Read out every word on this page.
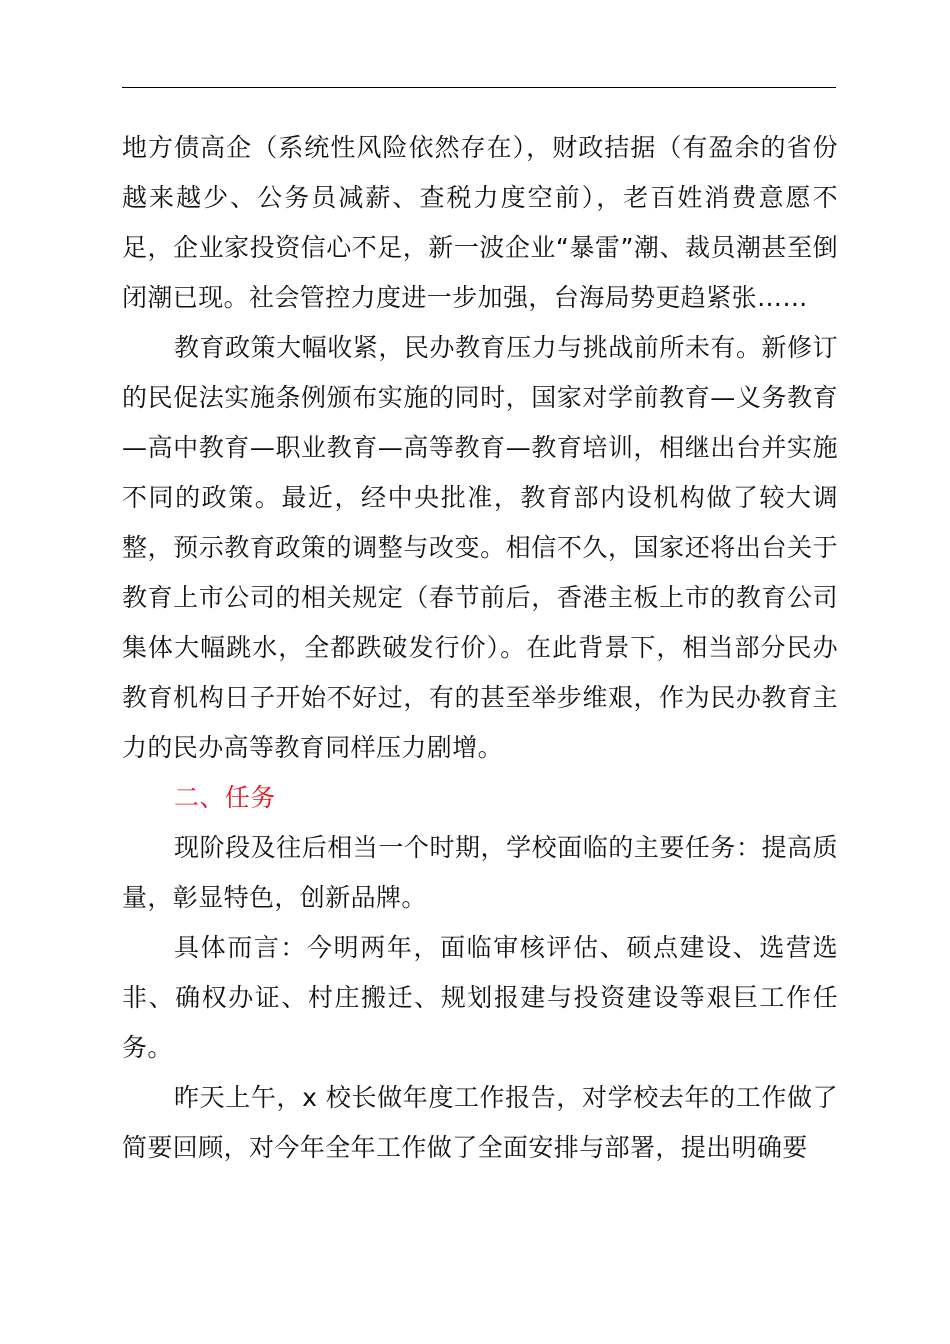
地方债高企（系统性风险依然存在），财政拮据（有盈余的省份越来越少、公务员减薪、查税力度空前），老百姓消费意愿不足，企业家投资信心不足，新一波企业“暴雷”潮、裁员潮甚至倒闭潮已现。社会管控力度进一步加强，台海局势更趋紧张……

教育政策大幅收紧，民办教育压力与挑战前所未有。新修订的民促法实施条例颁布实施的同时，国家对学前教育—义务教育—高中教育—职业教育—高等教育—教育培训，相继出台并实施不同的政策。最近，经中央批准，教育部内设机构做了较大调整，预示教育政策的调整与改变。相信不久，国家还将出台关于教育上市公司的相关规定（春节前后，香港主板上市的教育公司集体大幅跳水，全都跌破发行价）。在此背景下，相当部分民办教育机构日子开始不好过，有的甚至举步维艰，作为民办教育主力的民办高等教育同样压力剧增。

二、任务

现阶段及往后相当一个时期，学校面临的主要任务：提高质量，彰显特色，创新品牌。

具体而言：今明两年，面临审核评估、硕点建设、选营选非、确权办证、村庄搬迁、规划报建与投资建设等艰巨工作任务。

昨天上午，x 校长做年度工作报告，对学校去年的工作做了简要回顾，对今年全年工作做了全面安排与部署，提出明确要
